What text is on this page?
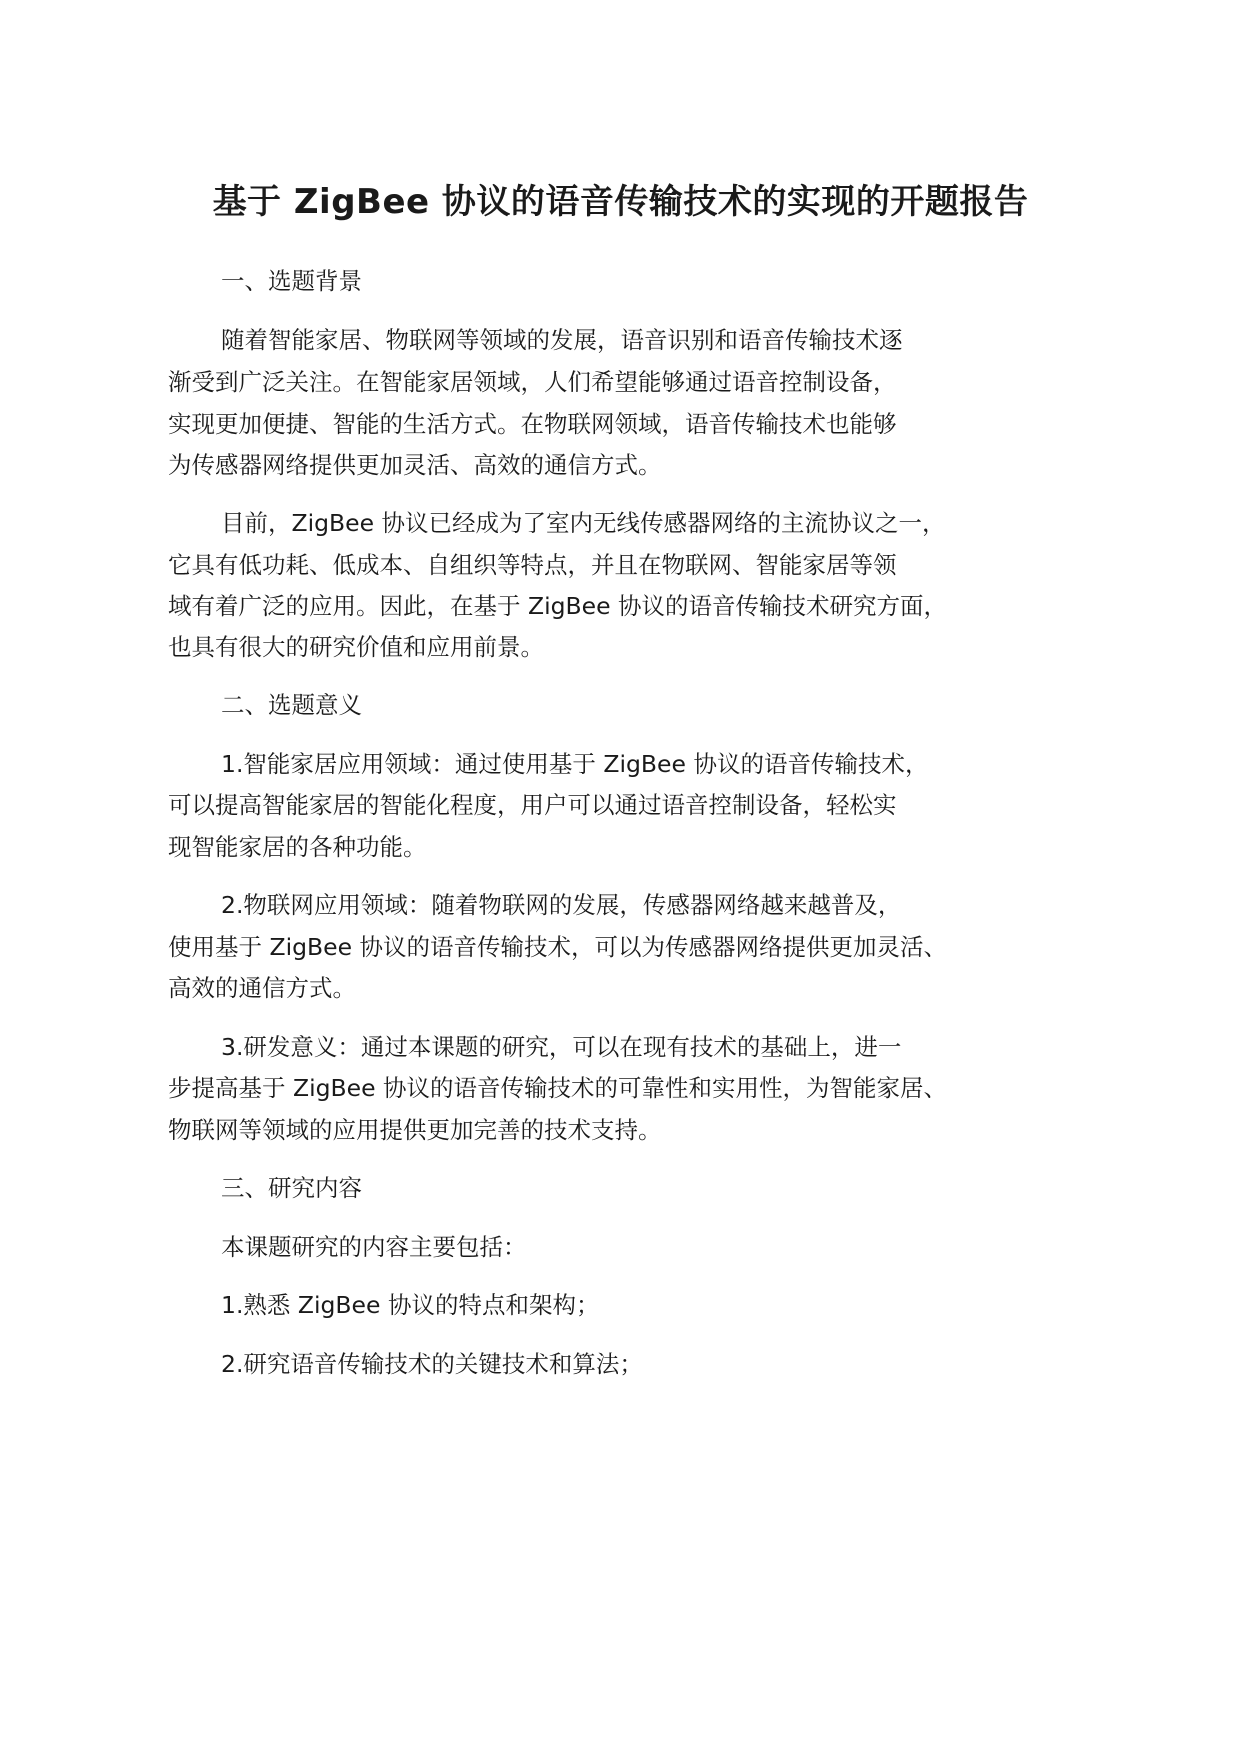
基于 ZigBee 协议的语音传输技术的实现的开题报告

一、选题背景

随着智能家居、物联网等领域的发展，语音识别和语音传输技术逐

渐受到广泛关注。在智能家居领域，人们希望能够通过语音控制设备，

实现更加便捷、智能的生活方式。在物联网领域，语音传输技术也能够

为传感器网络提供更加灵活、高效的通信方式。

目前，ZigBee 协议已经成为了室内无线传感器网络的主流协议之一，

它具有低功耗、低成本、自组织等特点，并且在物联网、智能家居等领

域有着广泛的应用。因此，在基于 ZigBee 协议的语音传输技术研究方面，

也具有很大的研究价值和应用前景。

二、选题意义

1.智能家居应用领域：通过使用基于 ZigBee 协议的语音传输技术，

可以提高智能家居的智能化程度，用户可以通过语音控制设备，轻松实

现智能家居的各种功能。

2.物联网应用领域：随着物联网的发展，传感器网络越来越普及，

使用基于 ZigBee 协议的语音传输技术，可以为传感器网络提供更加灵活、

高效的通信方式。

3.研发意义：通过本课题的研究，可以在现有技术的基础上，进一

步提高基于 ZigBee 协议的语音传输技术的可靠性和实用性，为智能家居、

物联网等领域的应用提供更加完善的技术支持。

三、研究内容

本课题研究的内容主要包括：

1.熟悉 ZigBee 协议的特点和架构；

2.研究语音传输技术的关键技术和算法；
